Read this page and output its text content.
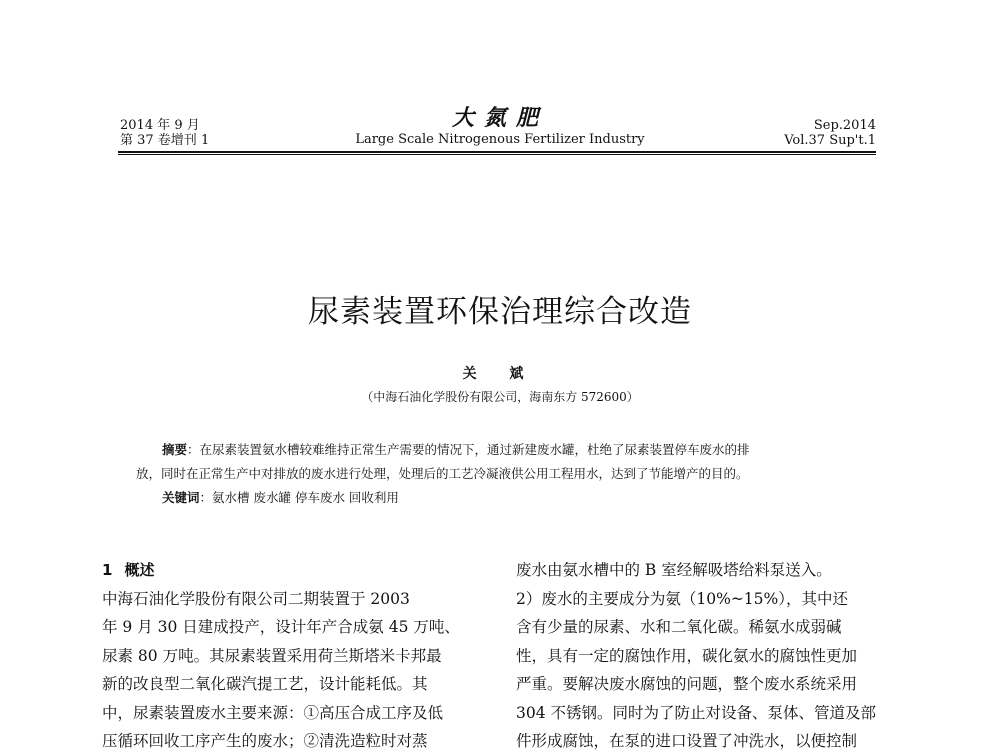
2014 年 9 月
第 37 卷增刊 1
大氮肥
Large Scale Nitrogenous Fertilizer Industry
Sep.2014
Vol.37 Sup't.1
尿素装置环保治理综合改造
关 斌
（中海石油化学股份有限公司，海南东方 572600）
摘要：在尿素装置氨水槽较难维持正常生产需要的情况下，通过新建废水罐，杜绝了尿素装置停车废水的排
放，同时在正常生产中对排放的废水进行处理，处理后的工艺冷凝液供公用工程用水，达到了节能增产的目的。
关键词：氨水槽 废水罐 停车废水 回收利用
1 概述
中海石油化学股份有限公司二期装置于 2003
年 9 月 30 日建成投产，设计年产合成氨 45 万吨、
尿素 80 万吨。其尿素装置采用荷兰斯塔米卡邦最
新的改良型二氧化碳汽提工艺，设计能耗低。其
中，尿素装置废水主要来源：①高压合成工序及低
压循环回收工序产生的废水；②清洗造粒时对蒸
废水由氨水槽中的 B 室经解吸塔给料泵送入。
2）废水的主要成分为氨（10%~15%），其中还
含有少量的尿素、水和二氧化碳。稀氨水成弱碱
性，具有一定的腐蚀作用，碳化氨水的腐蚀性更加
严重。要解决废水腐蚀的问题，整个废水系统采用
304 不锈钢。同时为了防止对设备、泵体、管道及部
件形成腐蚀，在泵的进口设置了冲洗水，以便控制
